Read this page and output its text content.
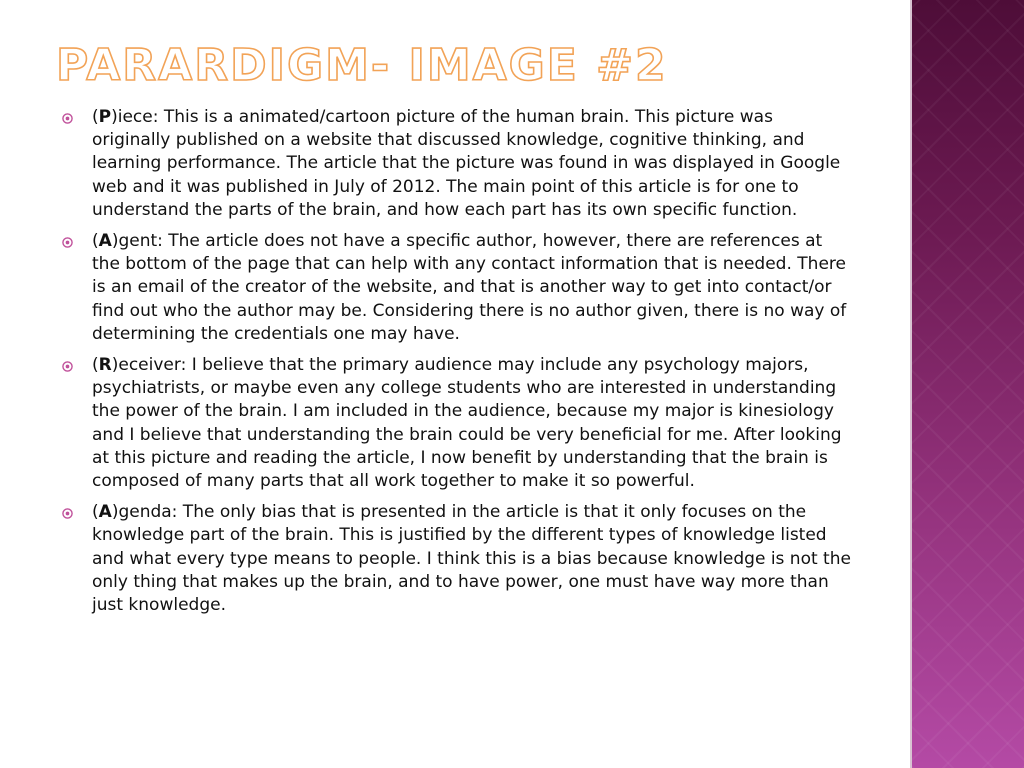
PARARDIGM- IMAGE #2
(P)iece: This is a animated/cartoon picture of the human brain. This picture was originally published on a website that discussed knowledge, cognitive thinking, and learning performance. The article that the picture was found in was displayed in Google web and it was published in July of 2012. The main point of this article is for one to understand the parts of the brain, and how each part has its own specific function.
(A)gent: The article does not have a specific author, however, there are references at the bottom of the page that can help with any contact information that is needed. There is an email of the creator of the website, and that is another way to get into contact/or find out who the author may be. Considering there is no author given, there is no way of determining the credentials one may have.
(R)eceiver: I believe that the primary audience may include any psychology majors, psychiatrists, or maybe even any college students who are interested in understanding the power of the brain. I am included in the audience, because my major is kinesiology and I believe that understanding the brain could be very beneficial for me. After looking at this picture and reading the article, I now benefit by understanding that the brain is composed of many parts that all work together to make it so powerful.
(A)genda: The only bias that is presented in the article is that it only focuses on the knowledge part of the brain. This is justified by the different types of knowledge listed and what every type means to people. I think this is a bias because knowledge is not the only thing that makes up the brain, and to have power, one must have way more than just knowledge.
